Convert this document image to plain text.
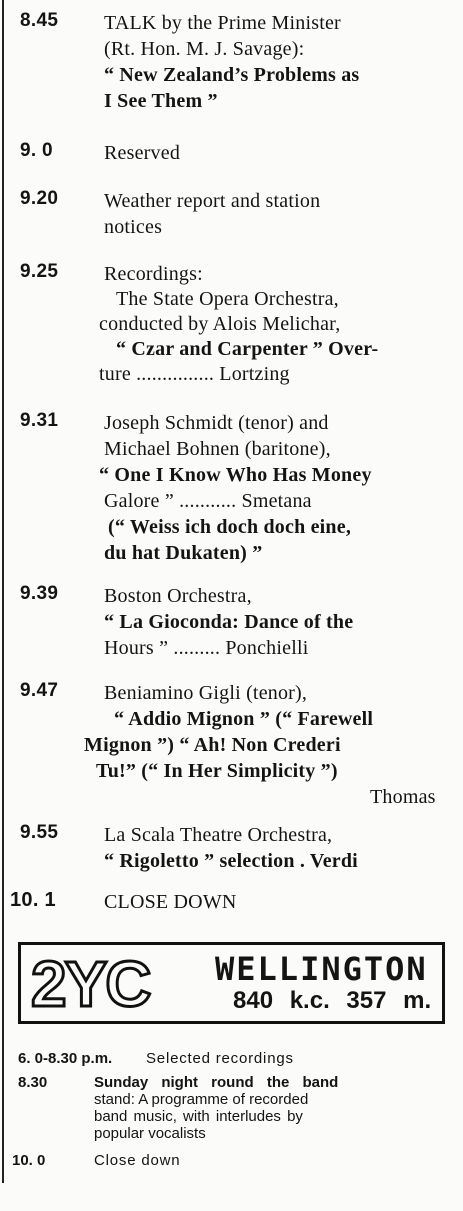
8.45 TALK by the Prime Minister
(Rt. Hon. M. J. Savage):
“ New Zealand’s Problems as
I See Them ”
9. 0	Reserved
9.20 Weather report and station
notices
9.25 Recordings:
The State Opera Orchestra,
conducted by Alois Melichar,
“ Czar and Carpenter ” Over-
ture ............... Lortzing
9.31 Joseph Schmidt (tenor) and
Michael Bohnen (baritone),
“ One I Know Who Has Money
Galore ” ........... Smetana
(“ Weiss ich doch doch eine,
du hat Dukaten) ”
9.39 Boston Orchestra,
“ La Gioconda: Dance of the
Hours ” ......... Ponchielli
9.47 Beniamino Gigli (tenor),
“ Addio Mignon ” (“ Farewell
Mignon ”) “ Ah! Non Crederi
Tu!” (“ In Her Simplicity ”)
Thomas
9.55 La Scala Theatre Orchestra,
“ Rigoletto ” selection . Verdi
10. 1 CLOSE DOWN
2YC WELLINGTON
840 k.c. 357 m.
6. 0-8.30 p.m. Selected recordings
8.30	Sunday night round the band
stand: A programme of recorded
band music, with interludes by
popular vocalists
10. 0	Close down
